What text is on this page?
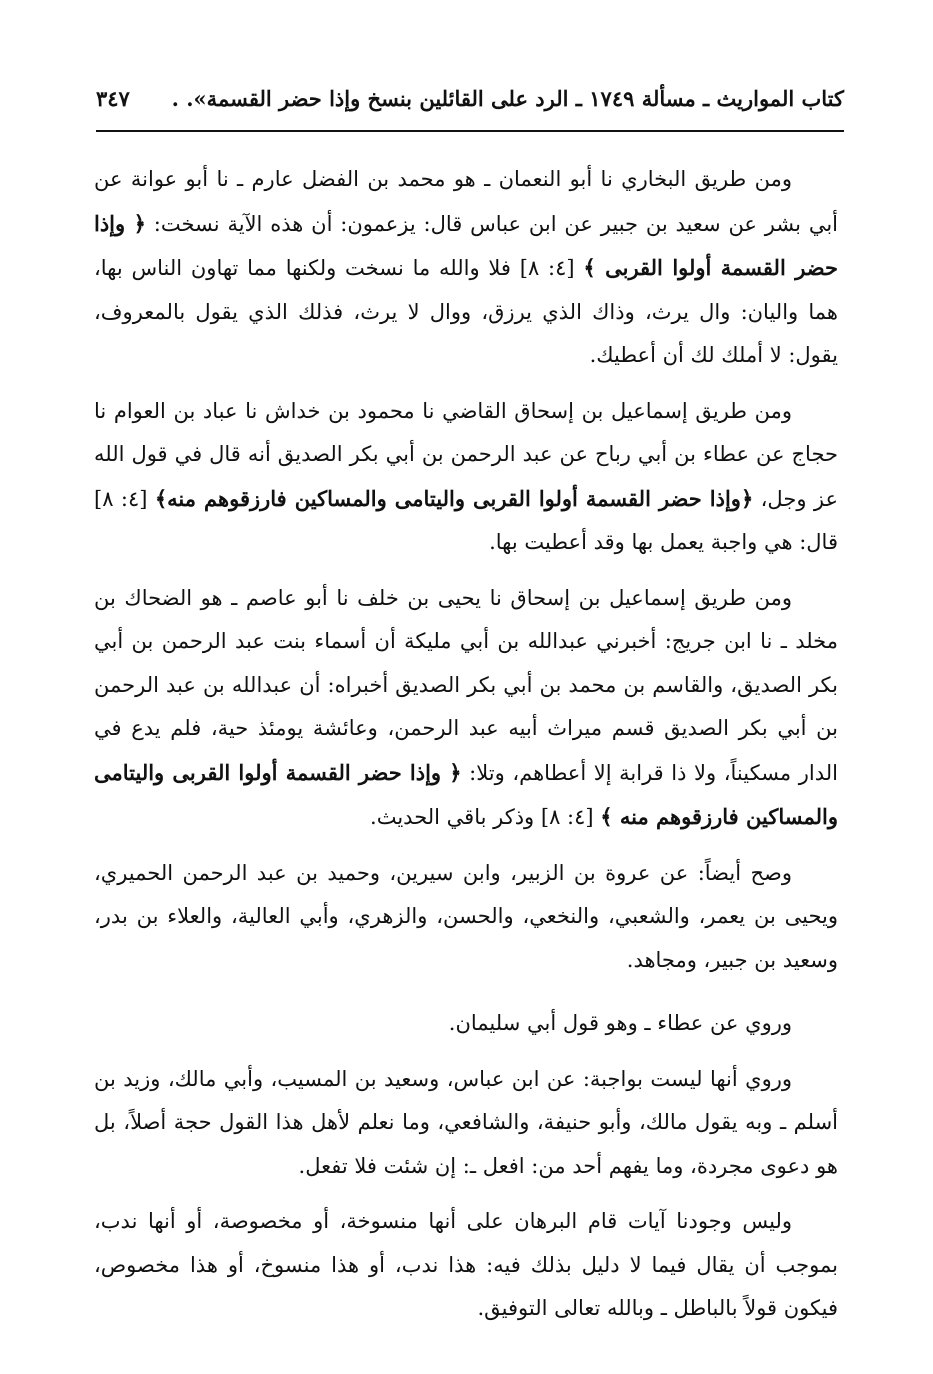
كتاب المواريث ـ مسألة ١٧٤٩ ـ الرد على القائلين بنسخ وإذا حضر القسمة». .
٣٤٧

ومن طريق البخاري نا أبو النعمان ـ هو محمد بن الفضل عارم ـ نا أبو عوانة عن أبي بشر عن سعيد بن جبير عن ابن عباس قال: يزعمون: أن هذه الآية نسخت: ﴿ وإذا حضر القسمة أولوا القربى ﴾ [٤: ٨] فلا والله ما نسخت ولكنها مما تهاون الناس بها، هما واليان: وال يرث، وذاك الذي يرزق، ووال لا يرث، فذلك الذي يقول بالمعروف، يقول: لا أملك لك أن أعطيك.

ومن طريق إسماعيل بن إسحاق القاضي نا محمود بن خداش نا عباد بن العوام نا حجاج عن عطاء بن أبي رباح عن عبد الرحمن بن أبي بكر الصديق أنه قال في قول الله عز وجل، ﴿وإذا حضر القسمة أولوا القربى واليتامى والمساكين فارزقوهم منه﴾ [٤: ٨] قال: هي واجبة يعمل بها وقد أعطيت بها.

ومن طريق إسماعيل بن إسحاق نا يحيى بن خلف نا أبو عاصم ـ هو الضحاك بن مخلد ـ نا ابن جريج: أخبرني عبدالله بن أبي مليكة أن أسماء بنت عبد الرحمن بن أبي بكر الصديق، والقاسم بن محمد بن أبي بكر الصديق أخبراه: أن عبدالله بن عبد الرحمن بن أبي بكر الصديق قسم ميراث أبيه عبد الرحمن، وعائشة يومئذ حية، فلم يدع في الدار مسكيناً، ولا ذا قرابة إلا أعطاهم، وتلا: ﴿ وإذا حضر القسمة أولوا القربى واليتامى والمساكين فارزقوهم منه ﴾ [٤: ٨] وذكر باقي الحديث.

وصح أيضاً: عن عروة بن الزبير، وابن سيرين، وحميد بن عبد الرحمن الحميري، ويحيى بن يعمر، والشعبي، والنخعي، والحسن، والزهري، وأبي العالية، والعلاء بن بدر، وسعيد بن جبير، ومجاهد.

وروي عن عطاء ـ وهو قول أبي سليمان.

وروي أنها ليست بواجبة: عن ابن عباس، وسعيد بن المسيب، وأبي مالك، وزيد بن أسلم ـ وبه يقول مالك، وأبو حنيفة، والشافعي، وما نعلم لأهل هذا القول حجة أصلاً، بل هو دعوى مجردة، وما يفهم أحد من: افعل ـ: إن شئت فلا تفعل.

وليس وجودنا آيات قام البرهان على أنها منسوخة، أو مخصوصة، أو أنها ندب، بموجب أن يقال فيما لا دليل بذلك فيه: هذا ندب، أو هذا منسوخ، أو هذا مخصوص، فيكون قولاً بالباطل ـ وبالله تعالى التوفيق.
